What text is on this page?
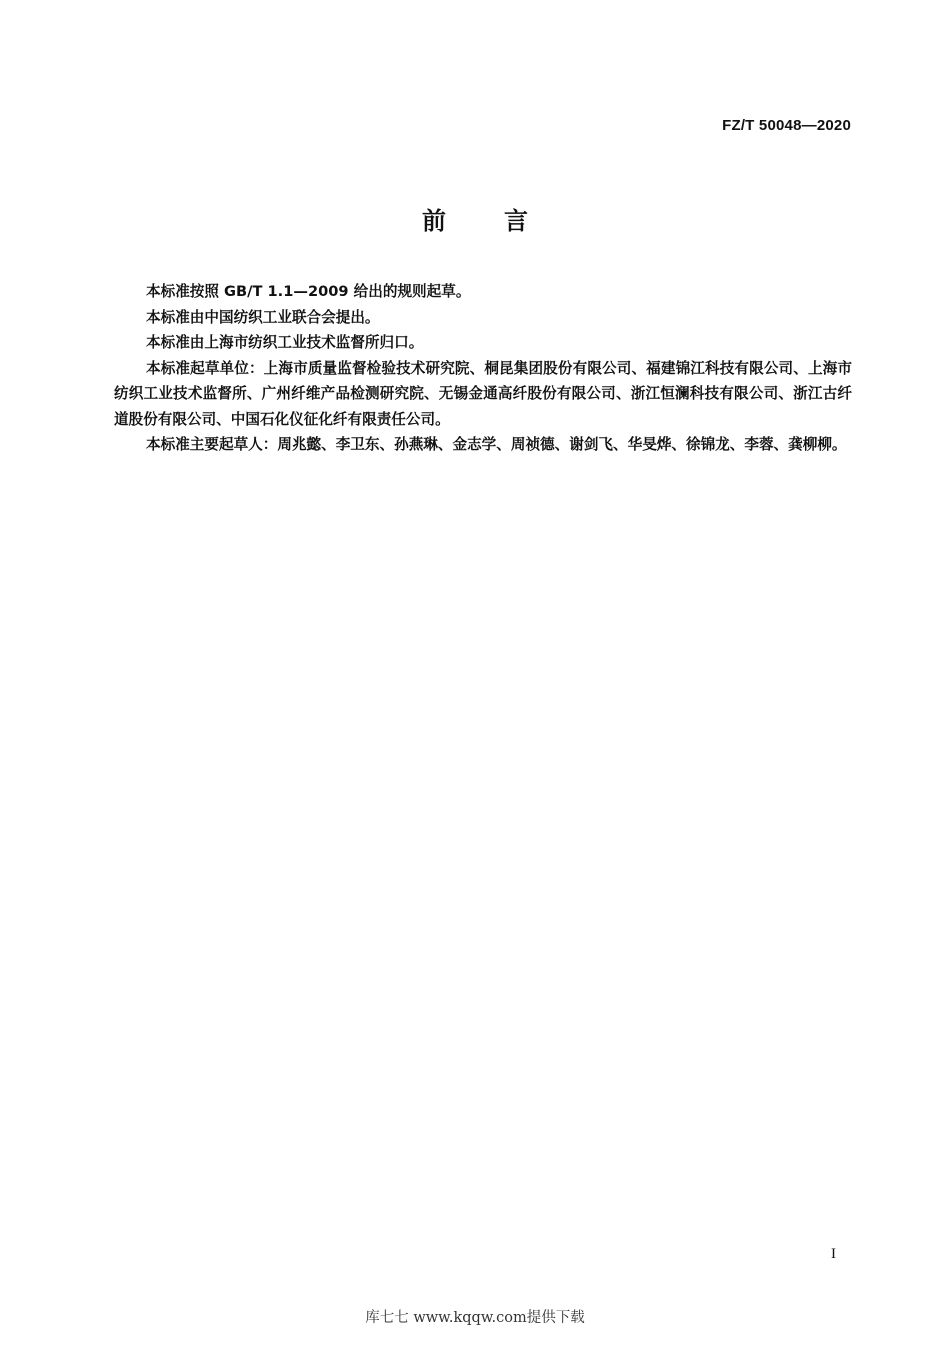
FZ/T 50048—2020
前 言

本标准按照 GB/T 1.1—2009 给出的规则起草。

本标准由中国纺织工业联合会提出。

本标准由上海市纺织工业技术监督所归口。

本标准起草单位：上海市质量监督检验技术研究院、桐昆集团股份有限公司、福建锦江科技有限公司、上海市纺织工业技术监督所、广州纤维产品检测研究院、无锡金通高纤股份有限公司、浙江恒澜科技有限公司、浙江古纤道股份有限公司、中国石化仪征化纤有限责任公司。

本标准主要起草人：周兆懿、李卫东、孙燕琳、金志学、周祯德、谢剑飞、华旻烨、徐锦龙、李蓉、龚柳柳。

I
库七七 www.kqqw.com提供下载
